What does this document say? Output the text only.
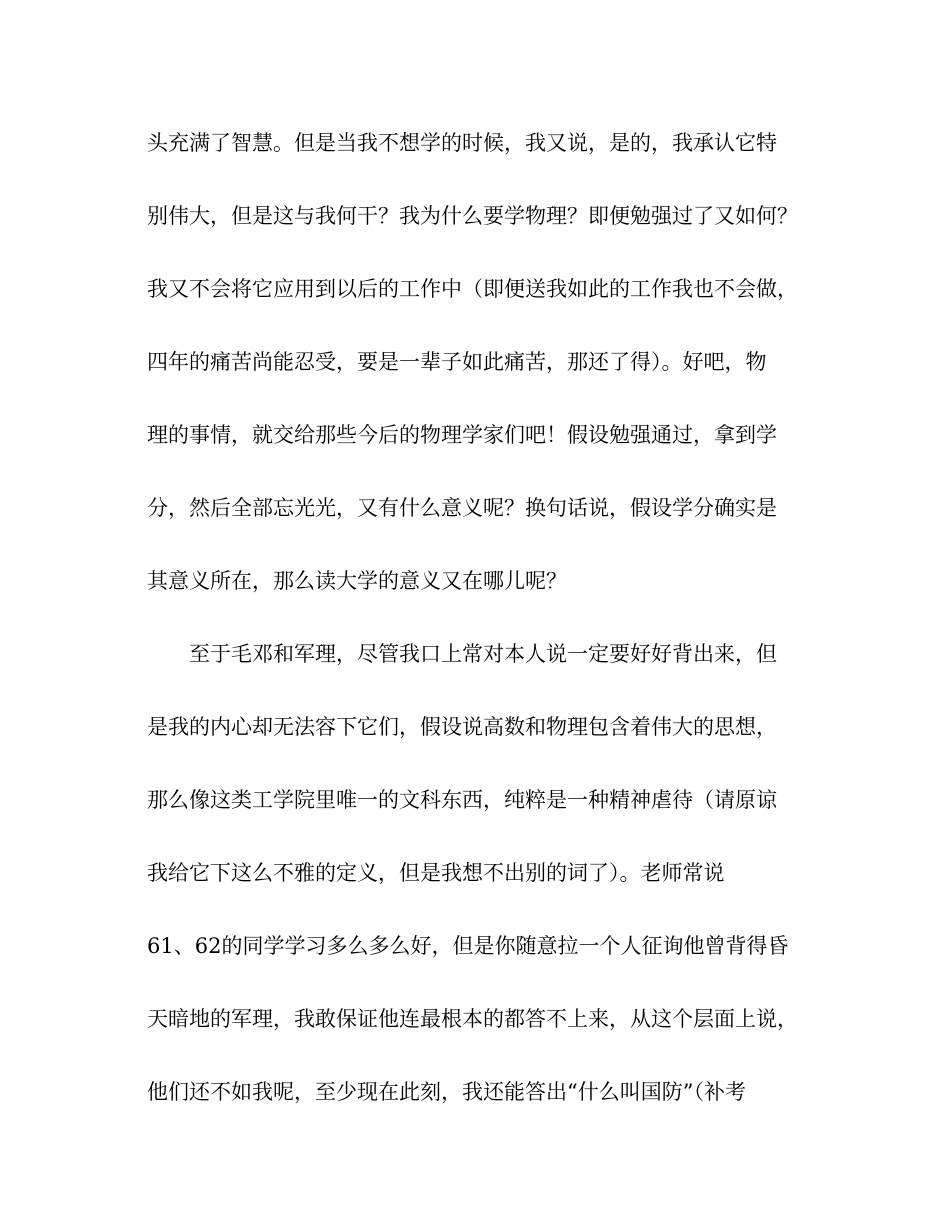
头充满了智慧。但是当我不想学的时候，我又说，是的，我承认它特
别伟大，但是这与我何干？我为什么要学物理？即便勉强过了又如何？
我又不会将它应用到以后的工作中（即便送我如此的工作我也不会做，
四年的痛苦尚能忍受，要是一辈子如此痛苦，那还了得）。好吧，物
理的事情，就交给那些今后的物理学家们吧！假设勉强通过，拿到学
分，然后全部忘光光，又有什么意义呢？换句话说，假设学分确实是
其意义所在，那么读大学的意义又在哪儿呢？
至于毛邓和军理，尽管我口上常对本人说一定要好好背出来，但
是我的内心却无法容下它们，假设说高数和物理包含着伟大的思想，
那么像这类工学院里唯一的文科东西，纯粹是一种精神虐待（请原谅
我给它下这么不雅的定义，但是我想不出别的词了）。老师常说
61、62的同学学习多么多么好，但是你随意拉一个人征询他曾背得昏
天暗地的军理，我敢保证他连最根本的都答不上来，从这个层面上说，
他们还不如我呢，至少现在此刻，我还能答出“什么叫国防”（补考
